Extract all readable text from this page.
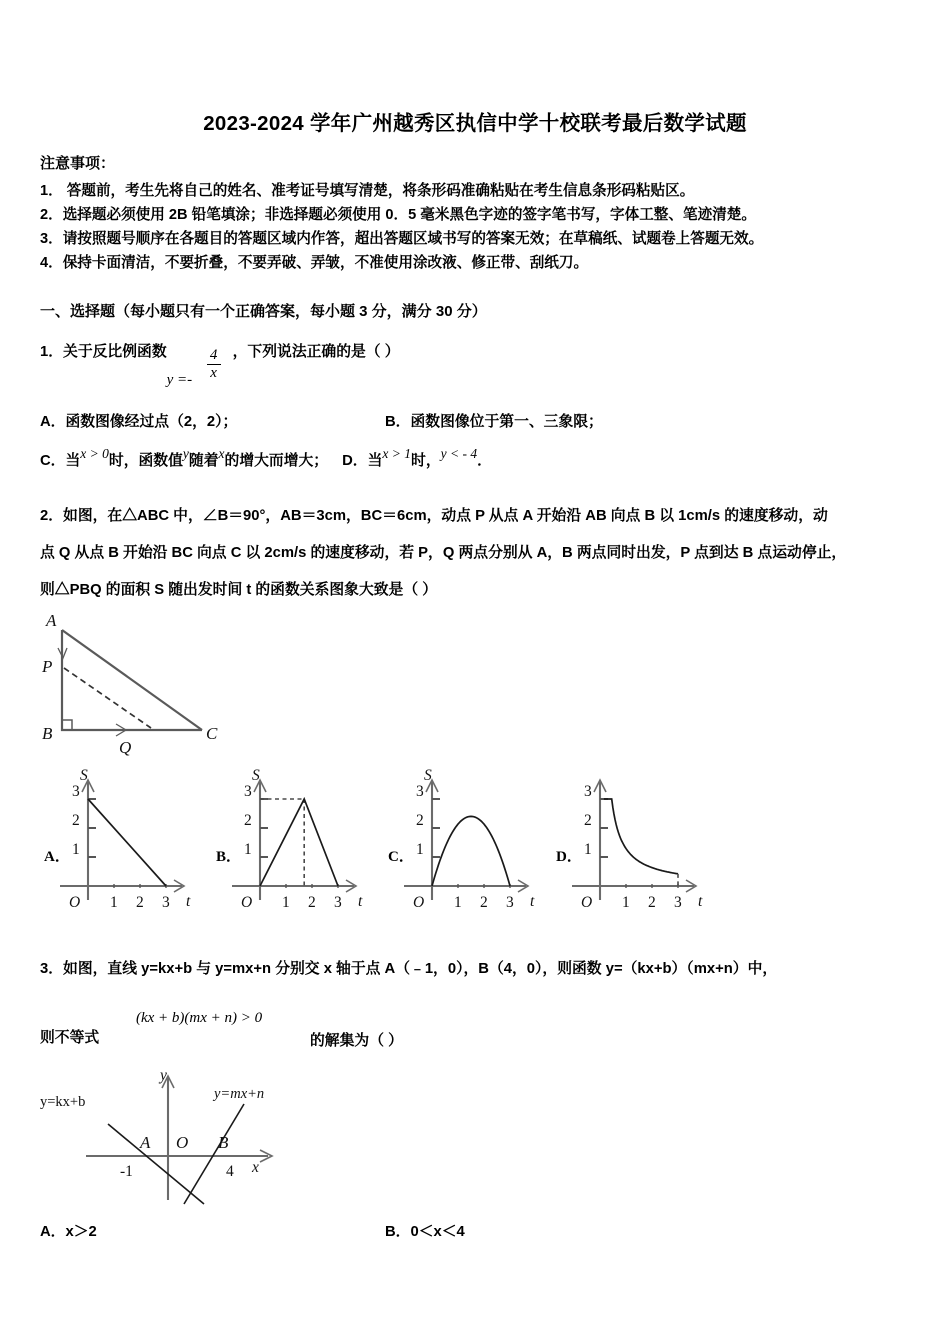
2023-2024 学年广州越秀区执信中学十校联考最后数学试题
注意事项：
1． 答题前，考生先将自己的姓名、准考证号填写清楚，将条形码准确粘贴在考生信息条形码粘贴区。
2．选择题必须使用 2B 铅笔填涂；非选择题必须使用 0．5 毫米黑色字迹的签字笔书写，字体工整、笔迹清楚。
3．请按照题号顺序在各题目的答题区域内作答，超出答题区域书写的答案无效；在草稿纸、试题卷上答题无效。
4．保持卡面清洁，不要折叠，不要弄破、弄皱，不准使用涂改液、修正带、刮纸刀。
一、选择题（每小题只有一个正确答案，每小题 3 分，满分 30 分）
1．关于反比例函数
y =-
4
x
，下列说法正确的是（ ）
A．函数图像经过点（2，2）；	B．函数图像位于第一、三象限；
C．当x > 0时，函数值y随着x的增大而增大； D．当x > 1时，y < - 4．
2．如图，在△ABC 中，∠B＝90°，AB＝3cm，BC＝6cm，动点 P 从点 A 开始沿 AB 向点 B 以 1cm/s 的速度移动，动
点 Q 从点 B 开始沿 BC 向点 C 以 2cm/s 的速度移动，若 P，Q 两点分别从 A，B 两点同时出发，P 点到达 B 点运动停止，
则△PBQ 的面积 S 随出发时间 t 的函数关系图象大致是（ ）
A
P
B
Q
C
A． 1
2
3
1 2 3
O	t
S
B． 1
2
3
1 2 3
O	t
S
C． 1
2
3
1 2 3
O	t
S
D． 1
2
3
1 2 3
O	t
3．如图，直线 y=kx+b 与 y=mx+n 分别交 x 轴于点 A（﹣1，0），B（4，0），则函数 y=（kx+b）（mx+n）中，
则不等式
(kx + b)(mx + n) > 0
的解集为（ ）
y=kx+b	y=mx+n
A O B
-1	4 x
y
A．x＞2	B．0＜x＜4
